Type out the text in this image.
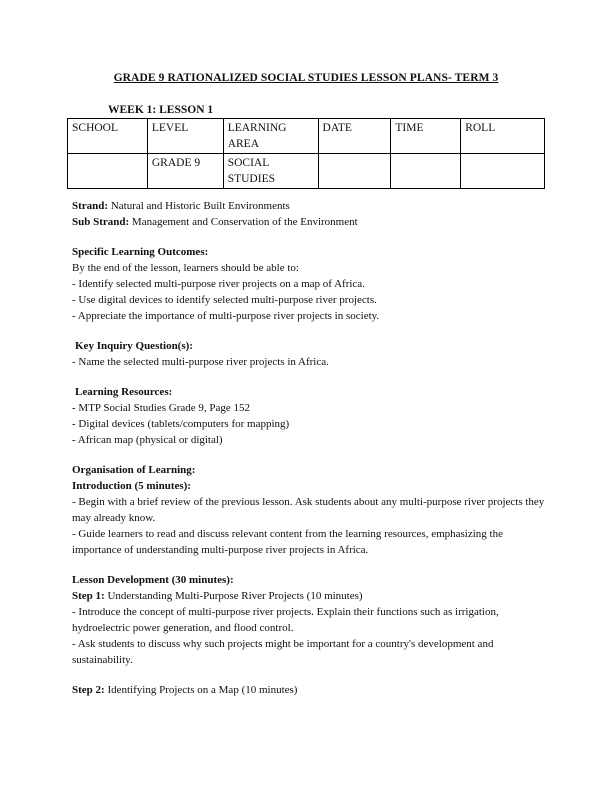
GRADE 9 RATIONALIZED SOCIAL STUDIES LESSON PLANS- TERM 3
WEEK 1: LESSON 1
SCHOOL	LEVEL	LEARNING AREA	DATE	TIME	ROLL
	GRADE 9	SOCIAL STUDIES			

Strand: Natural and Historic Built Environments

Sub Strand: Management and Conservation of the Environment

Specific Learning Outcomes:

By the end of the lesson, learners should be able to:

- Identify selected multi-purpose river projects on a map of Africa.

- Use digital devices to identify selected multi-purpose river projects.

- Appreciate the importance of multi-purpose river projects in society.

Key Inquiry Question(s):

- Name the selected multi-purpose river projects in Africa.

Learning Resources:

- MTP Social Studies Grade 9, Page 152

- Digital devices (tablets/computers for mapping)

- African map (physical or digital)

Organisation of Learning:

Introduction (5 minutes):

- Begin with a brief review of the previous lesson. Ask students about any multi-purpose river projects they may already know.

- Guide learners to read and discuss relevant content from the learning resources, emphasizing the importance of understanding multi-purpose river projects in Africa.

Lesson Development (30 minutes):

Step 1: Understanding Multi-Purpose River Projects (10 minutes)

- Introduce the concept of multi-purpose river projects. Explain their functions such as irrigation, hydroelectric power generation, and flood control.

- Ask students to discuss why such projects might be important for a country's development and sustainability.

Step 2: Identifying Projects on a Map (10 minutes)
